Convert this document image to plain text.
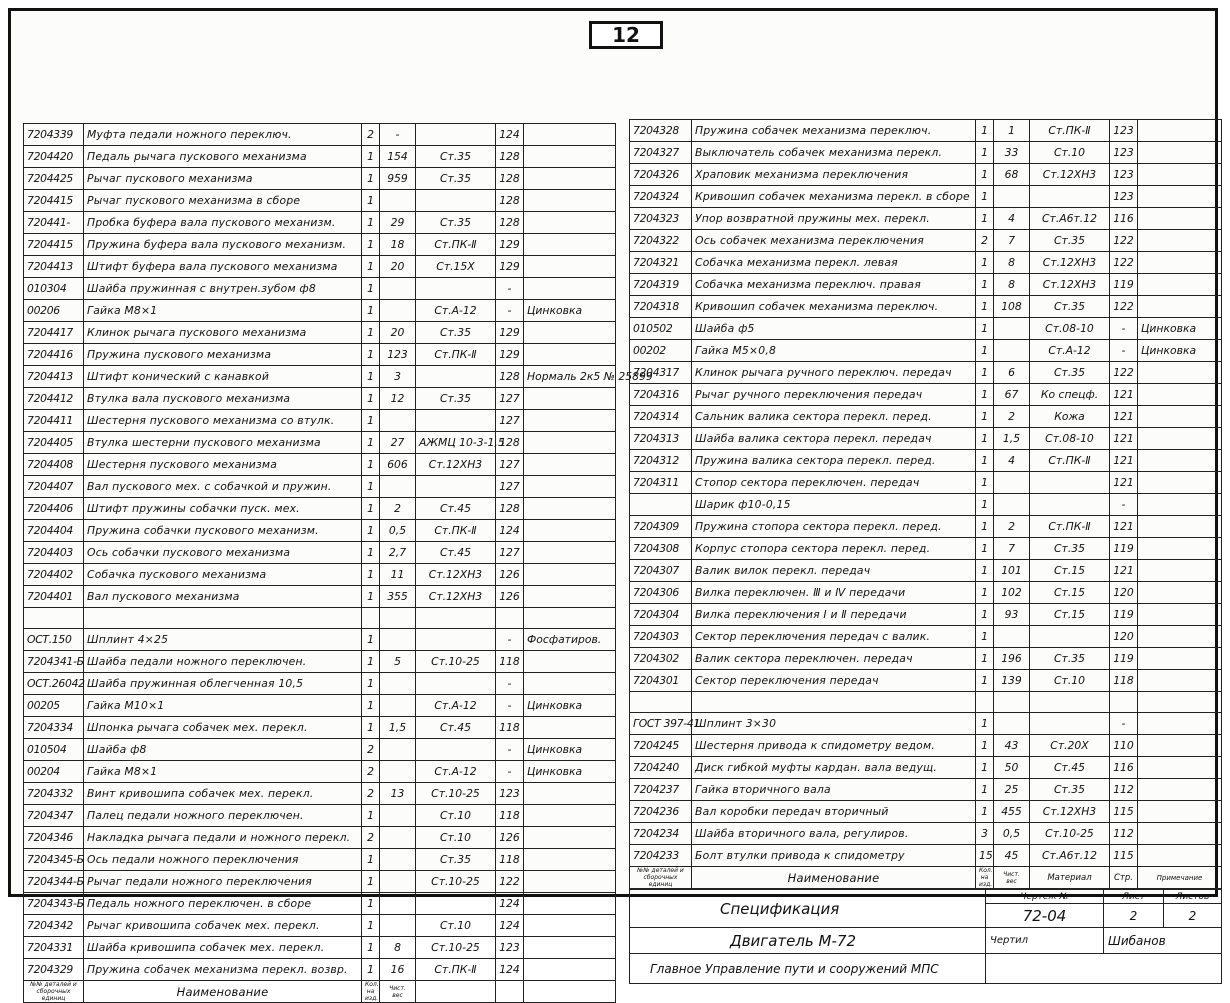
12
7204339	Муфта педали ножного переключ.	2	-		124	
7204420	Педаль рычага пускового механизма	1	154	Ст.35	128	
7204425	Рычаг пускового механизма	1	959	Ст.35	128	
7204415	Рычаг пускового механизма в сборе	1			128	
720441-	Пробка буфера вала пускового механизм.	1	29	Ст.35	128	
7204415	Пружина буфера вала пускового механизм.	1	18	Ст.ПК-Ⅱ	129	
7204413	Штифт буфера вала пускового механизма	1	20	Ст.15Х	129	
010304	Шайба пружинная с внутрен.зубом ф8	1			-	
00206	Гайка М8×1	1		Ст.А-12	-	Цинковка
7204417	Клинок рычага пускового механизма	1	20	Ст.35	129	
7204416	Пружина пускового механизма	1	123	Ст.ПК-Ⅱ	129	
7204413	Штифт конический с канавкой	1	3		128	Нормаль 2к5 № 25899
7204412	Втулка вала пускового механизма	1	12	Ст.35	127	
7204411	Шестерня пускового механизма со втулк.	1			127	
7204405	Втулка шестерни пускового механизма	1	27	АЖМЦ 10-3-1,5	128	
7204408	Шестерня пускового механизма	1	606	Ст.12ХН3	127	
7204407	Вал пускового мех. с собачкой и пружин.	1			127	
7204406	Штифт пружины собачки пуск. мех.	1	2	Ст.45	128	
7204404	Пружина собачки пускового механизм.	1	0,5	Ст.ПК-Ⅱ	124	
7204403	Ось собачки пускового механизма	1	2,7	Ст.45	127	
7204402	Собачка пускового механизма	1	11	Ст.12ХН3	126	
7204401	Вал пускового механизма	1	355	Ст.12ХН3	126	

ОСТ.150	Шплинт 4×25	1			-	Фосфатиров.
7204341-Б	Шайба педали ножного переключен.	1	5	Ст.10-25	118	
ОСТ.26042	Шайба пружинная облегченная 10,5	1			-	
00205	Гайка М10×1	1		Ст.А-12	-	Цинковка
7204334	Шпонка рычага собачек мех. перекл.	1	1,5	Ст.45	118	
010504	Шайба ф8	2			-	Цинковка
00204	Гайка М8×1	2		Ст.А-12	-	Цинковка
7204332	Винт кривошипа собачек мех. перекл.	2	13	Ст.10-25	123	
7204347	Палец педали ножного переключен.	1		Ст.10	118	
7204346	Накладка рычага педали и ножного перекл.	2		Ст.10	126	
7204345-Б	Ось педали ножного переключения	1		Ст.35	118	
7204344-Б	Рычаг педали ножного переключения	1		Ст.10-25	122	
7204343-Б	Педаль ножного переключен. в сборе	1			124	
7204342	Рычаг кривошипа собачек мех. перекл.	1		Ст.10	124	
7204331	Шайба кривошипа собачек мех. перекл.	1	8	Ст.10-25	123	
7204329	Пружина собачек механизма перекл. возвр.	1	16	Ст.ПК-Ⅱ	124	
№№ деталей и сборочных единиц	Наименование	Кол. на изд.	Чист. вес			
7204328	Пружина собачек механизма переключ.	1	1	Ст.ПК-Ⅱ	123	
7204327	Выключатель собачек механизма перекл.	1	33	Ст.10	123	
7204326	Храповик механизма переключения	1	68	Ст.12ХН3	123	
7204324	Кривошип собачек механизма перекл. в сборе	1			123	
7204323	Упор возвратной пружины мех. перекл.	1	4	Ст.А6т.12	116	
7204322	Ось собачек механизма переключения	2	7	Ст.35	122	
7204321	Собачка механизма перекл. левая	1	8	Ст.12ХН3	122	
7204319	Собачка механизма переключ. правая	1	8	Ст.12ХН3	119	
7204318	Кривошип собачек механизма переключ.	1	108	Ст.35	122	
010502	Шайба ф5	1		Ст.08-10	-	Цинковка
00202	Гайка М5×0,8	1		Ст.А-12	-	Цинковка
7204317	Клинок рычага ручного переключ. передач	1	6	Ст.35	122	
7204316	Рычаг ручного переключения передач	1	67	Ко спецф.	121	
7204314	Сальник валика сектора перекл. перед.	1	2	Кожа	121	
7204313	Шайба валика сектора перекл. передач	1	1,5	Ст.08-10	121	
7204312	Пружина валика сектора перекл. перед.	1	4	Ст.ПК-Ⅱ	121	
7204311	Стопор сектора переключен. передач	1			121	
	Шарик ф10-0,15	1			-	
7204309	Пружина стопора сектора перекл. перед.	1	2	Ст.ПК-Ⅱ	121	
7204308	Корпус стопора сектора перекл. перед.	1	7	Ст.35	119	
7204307	Валик вилок перекл. передач	1	101	Ст.15	121	
7204306	Вилка переключен. Ⅲ и Ⅳ передачи	1	102	Ст.15	120	
7204304	Вилка переключения Ⅰ и Ⅱ передачи	1	93	Ст.15	119	
7204303	Сектор переключения передач с валик.	1			120	
7204302	Валик сектора переключен. передач	1	196	Ст.35	119	
7204301	Сектор переключения передач	1	139	Ст.10	118	

ГОСТ 397-41	Шплинт 3×30	1			-	
7204245	Шестерня привода к спидометру ведом.	1	43	Ст.20Х	110	
7204240	Диск гибкой муфты кардан. вала ведущ.	1	50	Ст.45	116	
7204237	Гайка вторичного вала	1	25	Ст.35	112	
7204236	Вал коробки передач вторичный	1	455	Ст.12ХН3	115	
7204234	Шайба вторичного вала, регулиров.	3	0,5	Ст.10-25	112	
7204233	Болт втулки привода к спидометру	15	45	Ст.А6т.12	115	
№№ деталей и сборочных единиц	Наименование	Кол. на изд.	Чист. вес	Материал	Стр.	Примечание
Спецификация	Чертеж №	Лист	Листов
	72-04	2	2
Двигатель М-72	Чертил	Шибанов	
Главное Управление пути и сооружений МПС			
